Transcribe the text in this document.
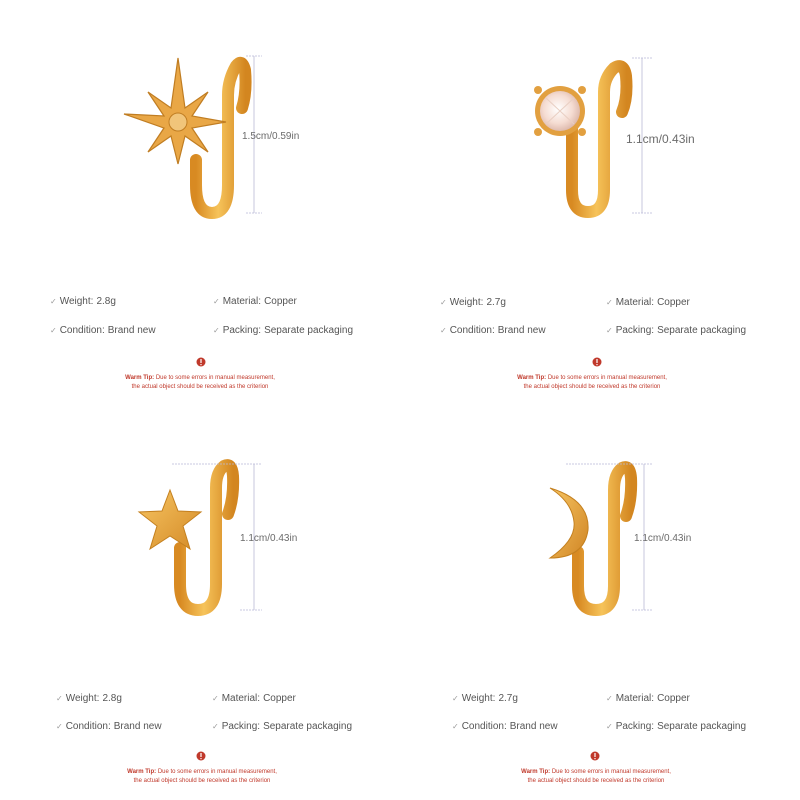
1.5cm/0.59in
✓ Weight: 2.8g	✓ Material: Copper
✓ Condition: Brand new	✓ Packing: Separate packaging
Warm Tip: Due to some errors in manual measurement,
the actual object should be received as the criterion
1.1cm/0.43in
✓ Weight: 2.7g	✓ Material: Copper
✓ Condition: Brand new	✓ Packing: Separate packaging
Warm Tip: Due to some errors in manual measurement,
the actual object should be received as the criterion
1.1cm/0.43in
✓ Weight: 2.8g	✓ Material: Copper
✓ Condition: Brand new	✓ Packing: Separate packaging
Warm Tip: Due to some errors in manual measurement,
the actual object should be received as the criterion
1.1cm/0.43in
✓ Weight: 2.7g	✓ Material: Copper
✓ Condition: Brand new	✓ Packing: Separate packaging
Warm Tip: Due to some errors in manual measurement,
the actual object should be received as the criterion
